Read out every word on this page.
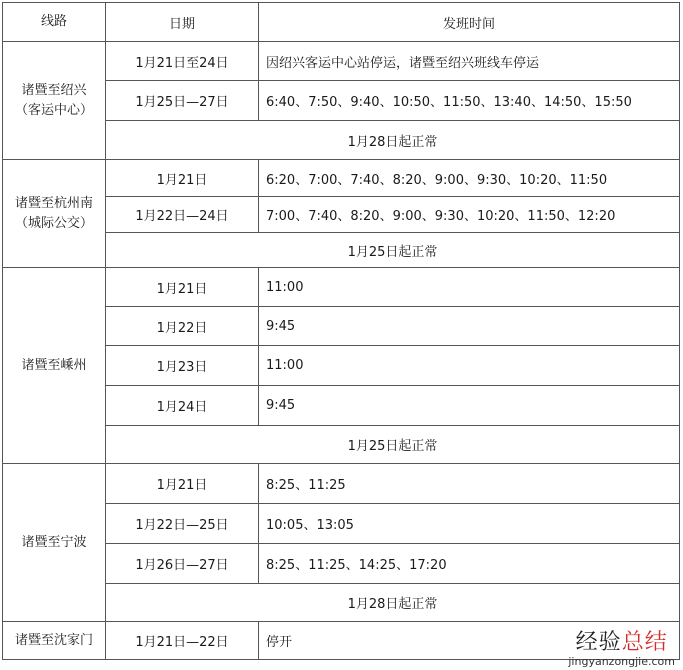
线路	日期	发班时间

诸暨至绍兴
（客运中心）	1月21日至24日	因绍兴客运中心站停运，诸暨至绍兴班线车停运
	1月25日—27日	6:40、7:50、9:40、10:50、11:50、13:40、14:50、15:50
	1月28日起正常	

诸暨至杭州南
（城际公交）	1月21日	6:20、7:00、7:40、8:20、9:00、9:30、10:20、11:50
	1月22日—24日	7:00、7:40、8:20、9:00、9:30、10:20、11:50、12:20
	1月25日起正常	

诸暨至嵊州	1月21日	11:00
	1月22日	9:45
	1月23日	11:00
	1月24日	9:45
	1月25日起正常	

诸暨至宁波	1月21日	8:25、11:25
	1月22日—25日	10:05、13:05
	1月26日—27日	8:25、11:25、14:25、17:20
	1月28日起正常	

诸暨至沈家门	1月21日—22日	停开	经验总结
jingyanzongjie.com
